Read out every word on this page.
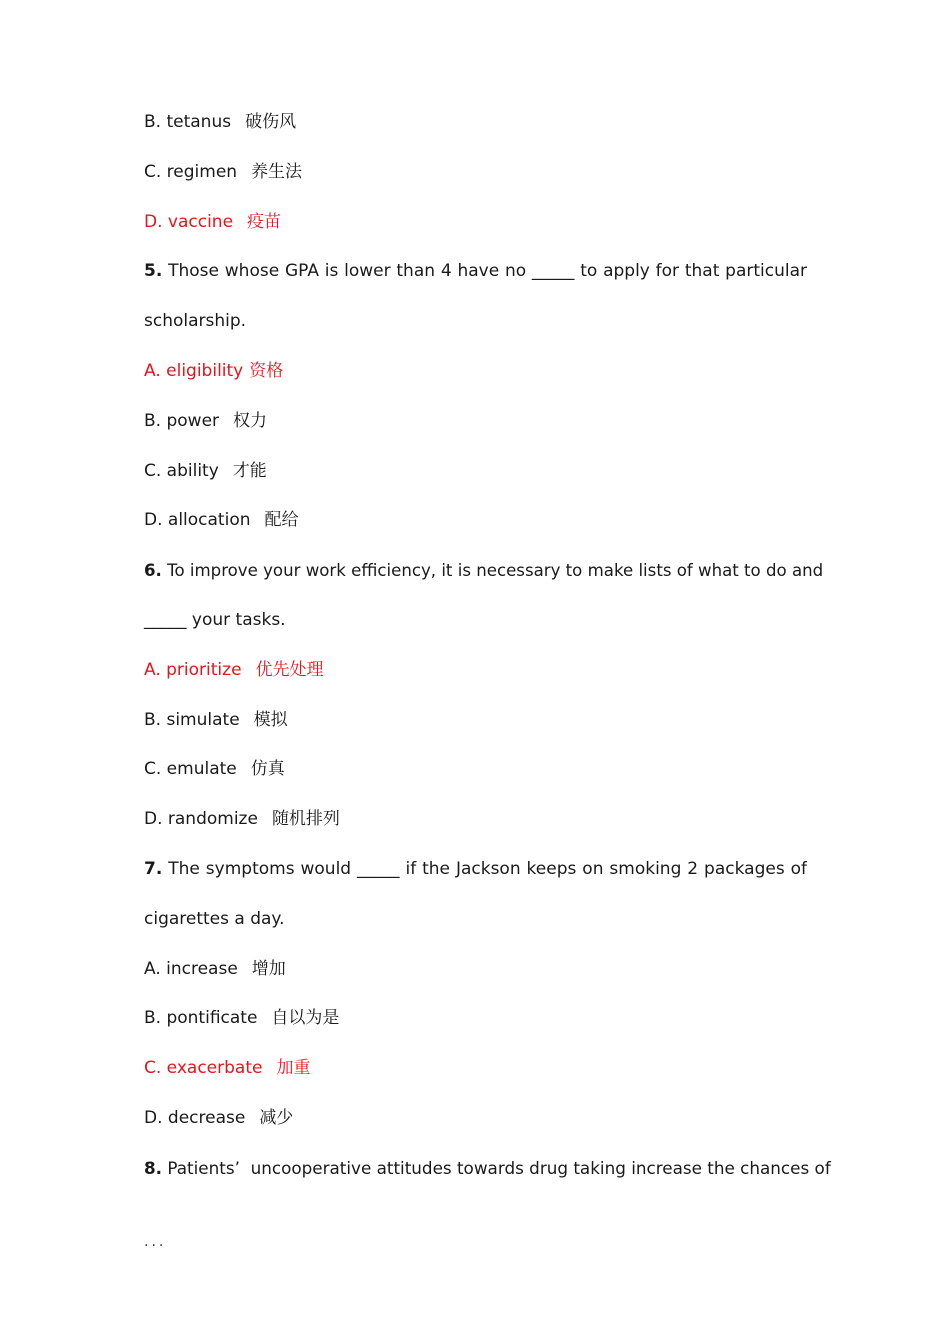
B. tetanus 破伤风
C. regimen 养生法
D. vaccine 疫苗
5. Those whose GPA is lower than 4 have no _____ to apply for that particular
scholarship.
A. eligibility 资格
B. power 权力
C. ability 才能
D. allocation 配给
6. To improve your work efficiency, it is necessary to make lists of what to do and
_____ your tasks.
A. prioritize 优先处理
B. simulate 模拟
C. emulate 仿真
D. randomize 随机排列
7. The symptoms would _____ if the Jackson keeps on smoking 2 packages of
cigarettes a day.
A. increase 增加
B. pontificate 自以为是
C. exacerbate 加重
D. decrease 减少
8. Patients’  uncooperative attitudes towards drug taking increase the chances of
...
